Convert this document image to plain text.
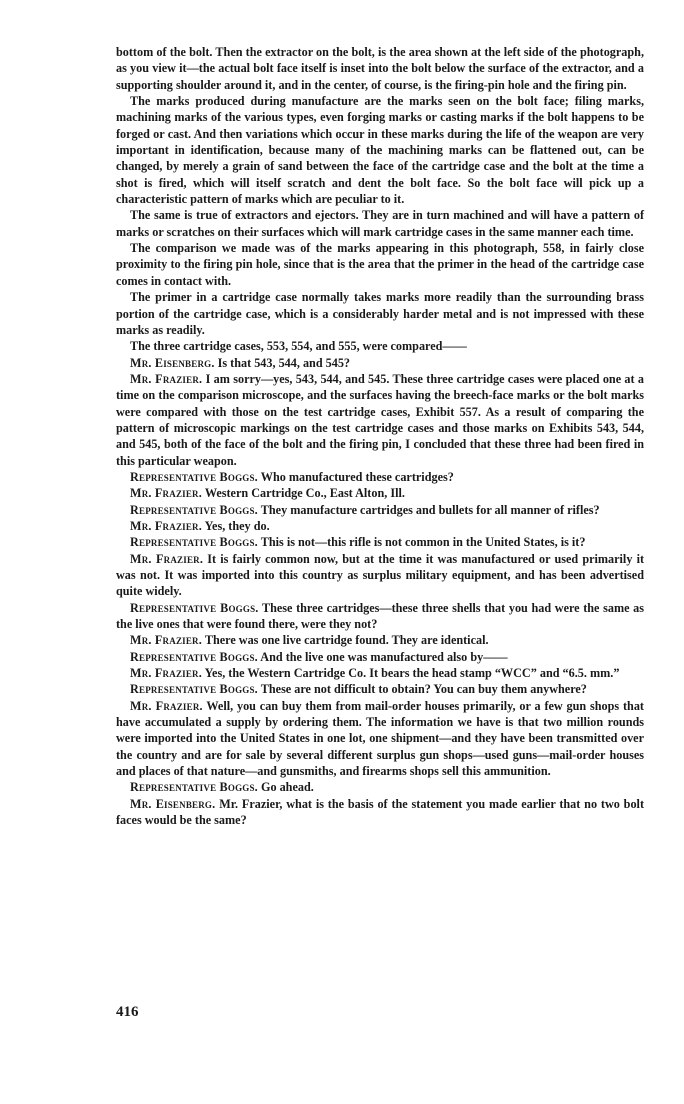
bottom of the bolt. Then the extractor on the bolt, is the area shown at the left side of the photograph, as you view it—the actual bolt face itself is inset into the bolt below the surface of the extractor, and a supporting shoulder around it, and in the center, of course, is the firing-pin hole and the firing pin.

The marks produced during manufacture are the marks seen on the bolt face; filing marks, machining marks of the various types, even forging marks or casting marks if the bolt happens to be forged or cast. And then variations which occur in these marks during the life of the weapon are very important in identification, because many of the machining marks can be flattened out, can be changed, by merely a grain of sand between the face of the cartridge case and the bolt at the time a shot is fired, which will itself scratch and dent the bolt face. So the bolt face will pick up a characteristic pattern of marks which are peculiar to it.

The same is true of extractors and ejectors. They are in turn machined and will have a pattern of marks or scratches on their surfaces which will mark cartridge cases in the same manner each time.

The comparison we made was of the marks appearing in this photograph, 558, in fairly close proximity to the firing pin hole, since that is the area that the primer in the head of the cartridge case comes in contact with.

The primer in a cartridge case normally takes marks more readily than the surrounding brass portion of the cartridge case, which is a considerably harder metal and is not impressed with these marks as readily.

The three cartridge cases, 553, 554, and 555, were compared——

Mr. Eisenberg. Is that 543, 544, and 545?

Mr. Frazier. I am sorry—yes, 543, 544, and 545. These three cartridge cases were placed one at a time on the comparison microscope, and the surfaces having the breech-face marks or the bolt marks were compared with those on the test cartridge cases, Exhibit 557. As a result of comparing the pattern of microscopic markings on the test cartridge cases and those marks on Exhibits 543, 544, and 545, both of the face of the bolt and the firing pin, I concluded that these three had been fired in this particular weapon.

Representative Boggs. Who manufactured these cartridges?

Mr. Frazier. Western Cartridge Co., East Alton, Ill.

Representative Boggs. They manufacture cartridges and bullets for all manner of rifles?

Mr. Frazier. Yes, they do.

Representative Boggs. This is not—this rifle is not common in the United States, is it?

Mr. Frazier. It is fairly common now, but at the time it was manufactured or used primarily it was not. It was imported into this country as surplus military equipment, and has been advertised quite widely.

Representative Boggs. These three cartridges—these three shells that you had were the same as the live ones that were found there, were they not?

Mr. Frazier. There was one live cartridge found. They are identical.

Representative Boggs. And the live one was manufactured also by——

Mr. Frazier. Yes, the Western Cartridge Co. It bears the head stamp “WCC” and “6.5. mm.”

Representative Boggs. These are not difficult to obtain? You can buy them anywhere?

Mr. Frazier. Well, you can buy them from mail-order houses primarily, or a few gun shops that have accumulated a supply by ordering them. The information we have is that two million rounds were imported into the United States in one lot, one shipment—and they have been transmitted over the country and are for sale by several different surplus gun shops—used guns—mail-order houses and places of that nature—and gunsmiths, and firearms shops sell this ammunition.

Representative Boggs. Go ahead.

Mr. Eisenberg. Mr. Frazier, what is the basis of the statement you made earlier that no two bolt faces would be the same?

416
